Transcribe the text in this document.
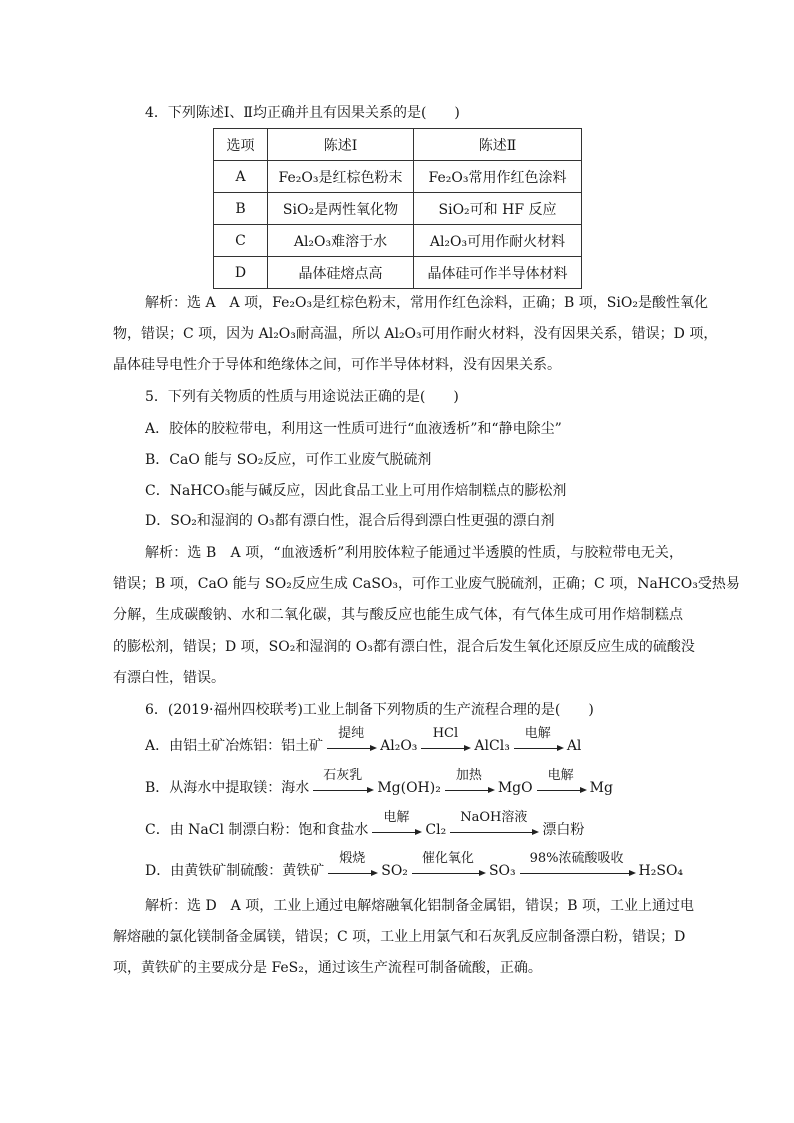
4．下列陈述Ⅰ、Ⅱ均正确并且有因果关系的是(　　)
选项	陈述Ⅰ	陈述Ⅱ
A	Fe₂O₃是红棕色粉末	Fe₂O₃常用作红色涂料
B	SiO₂是两性氧化物	SiO₂可和 HF 反应
C	Al₂O₃难溶于水	Al₂O₃可用作耐火材料
D	晶体硅熔点高	晶体硅可作半导体材料
解析：选 A　A 项，Fe₂O₃是红棕色粉末，常用作红色涂料，正确；B 项，SiO₂是酸性氧化
物，错误；C 项，因为 Al₂O₃耐高温，所以 Al₂O₃可用作耐火材料，没有因果关系，错误；D 项，
晶体硅导电性介于导体和绝缘体之间，可作半导体材料，没有因果关系。
5．下列有关物质的性质与用途说法正确的是(　　)
A．胶体的胶粒带电，利用这一性质可进行“血液透析”和“静电除尘”
B．CaO 能与 SO₂反应，可作工业废气脱硫剂
C．NaHCO₃能与碱反应，因此食品工业上可用作焙制糕点的膨松剂
D．SO₂和湿润的 O₃都有漂白性，混合后得到漂白性更强的漂白剂
解析：选 B　A 项，“血液透析”利用胶体粒子能通过半透膜的性质，与胶粒带电无关，
错误；B 项，CaO 能与 SO₂反应生成 CaSO₃，可作工业废气脱硫剂，正确；C 项，NaHCO₃受热易
分解，生成碳酸钠、水和二氧化碳，其与酸反应也能生成气体，有气体生成可用作焙制糕点
的膨松剂，错误；D 项，SO₂和湿润的 O₃都有漂白性，混合后发生氧化还原反应生成的硫酸没
有漂白性，错误。
6．(2019·福州四校联考)工业上制备下列物质的生产流程合理的是(　　)
A．由铝土矿冶炼铝：铝土矿提纯Al₂O₃HClAlCl₃电解Al
B．从海水中提取镁：海水石灰乳Mg(OH)₂加热MgO电解Mg
C．由 NaCl 制漂白粉：饱和食盐水电解Cl₂NaOH溶液漂白粉
D．由黄铁矿制硫酸：黄铁矿煅烧SO₂催化氧化SO₃98%浓硫酸吸收H₂SO₄
解析：选 D　A 项，工业上通过电解熔融氧化铝制备金属铝，错误；B 项，工业上通过电
解熔融的氯化镁制备金属镁，错误；C 项，工业上用氯气和石灰乳反应制备漂白粉，错误；D
项，黄铁矿的主要成分是 FeS₂，通过该生产流程可制备硫酸，正确。
